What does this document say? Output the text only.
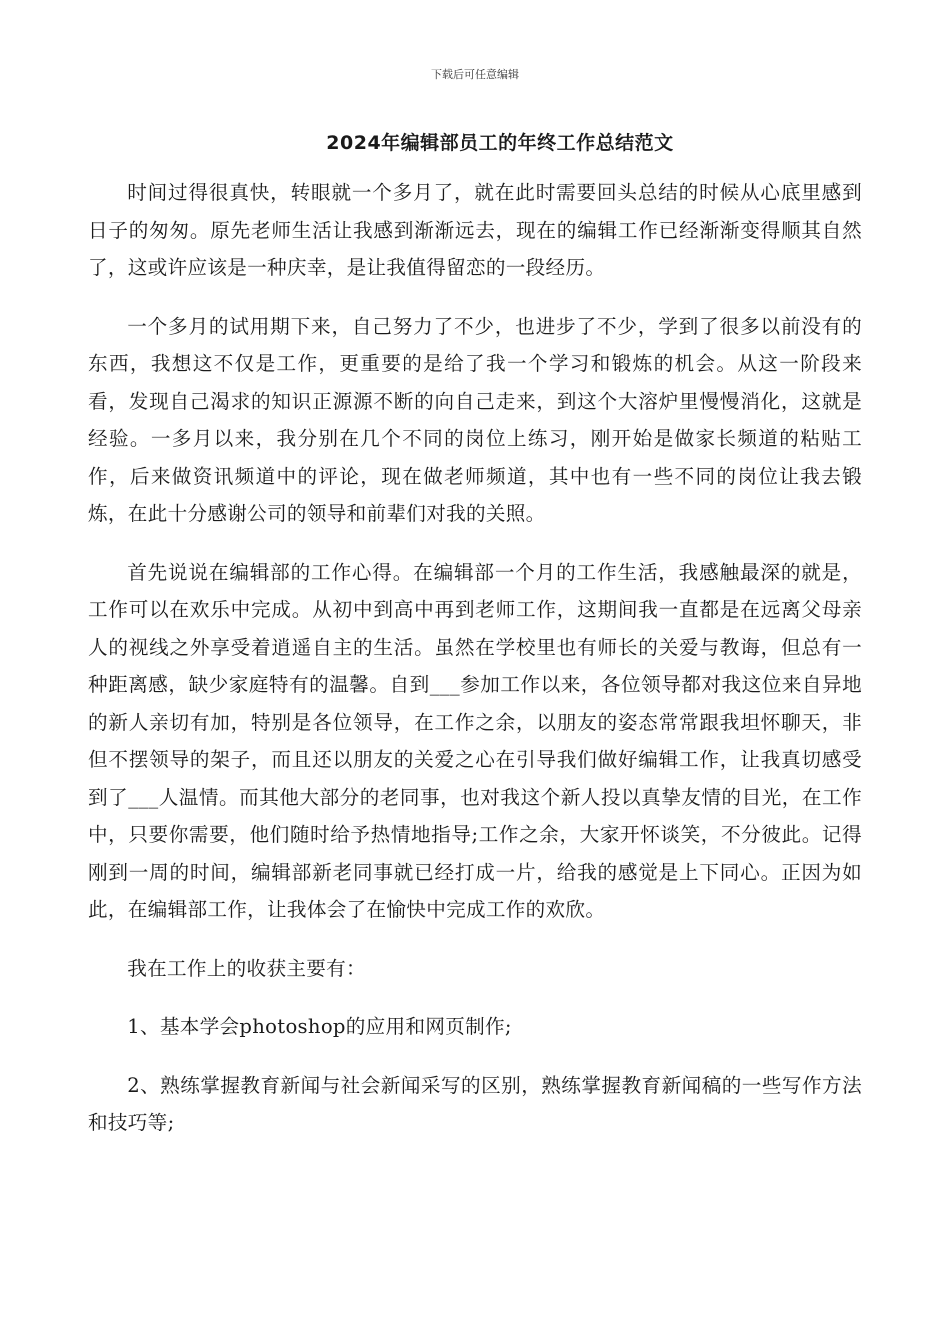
下载后可任意编辑
2024年编辑部员工的年终工作总结范文

时间过得很真快，转眼就一个多月了，就在此时需要回头总结的时候从心底里感到日子的匆匆。原先老师生活让我感到渐渐远去，现在的编辑工作已经渐渐变得顺其自然了，这或许应该是一种庆幸，是让我值得留恋的一段经历。

一个多月的试用期下来，自己努力了不少，也进步了不少，学到了很多以前没有的东西，我想这不仅是工作，更重要的是给了我一个学习和锻炼的机会。从这一阶段来看，发现自己渴求的知识正源源不断的向自己走来，到这个大溶炉里慢慢消化，这就是经验。一多月以来，我分别在几个不同的岗位上练习，刚开始是做家长频道的粘贴工作，后来做资讯频道中的评论，现在做老师频道，其中也有一些不同的岗位让我去锻炼，在此十分感谢公司的领导和前辈们对我的关照。

首先说说在编辑部的工作心得。在编辑部一个月的工作生活，我感触最深的就是，工作可以在欢乐中完成。从初中到高中再到老师工作，这期间我一直都是在远离父母亲人的视线之外享受着逍遥自主的生活。虽然在学校里也有师长的关爱与教诲，但总有一种距离感，缺少家庭特有的温馨。自到___参加工作以来，各位领导都对我这位来自异地的新人亲切有加，特别是各位领导，在工作之余，以朋友的姿态常常跟我坦怀聊天，非但不摆领导的架子，而且还以朋友的关爱之心在引导我们做好编辑工作，让我真切感受到了___人温情。而其他大部分的老同事，也对我这个新人投以真挚友情的目光，在工作中，只要你需要，他们随时给予热情地指导;工作之余，大家开怀谈笑，不分彼此。记得刚到一周的时间，编辑部新老同事就已经打成一片，给我的感觉是上下同心。正因为如此，在编辑部工作，让我体会了在愉快中完成工作的欢欣。

我在工作上的收获主要有：

1、基本学会photoshop的应用和网页制作;

2、熟练掌握教育新闻与社会新闻采写的区别，熟练掌握教育新闻稿的一些写作方法和技巧等;
